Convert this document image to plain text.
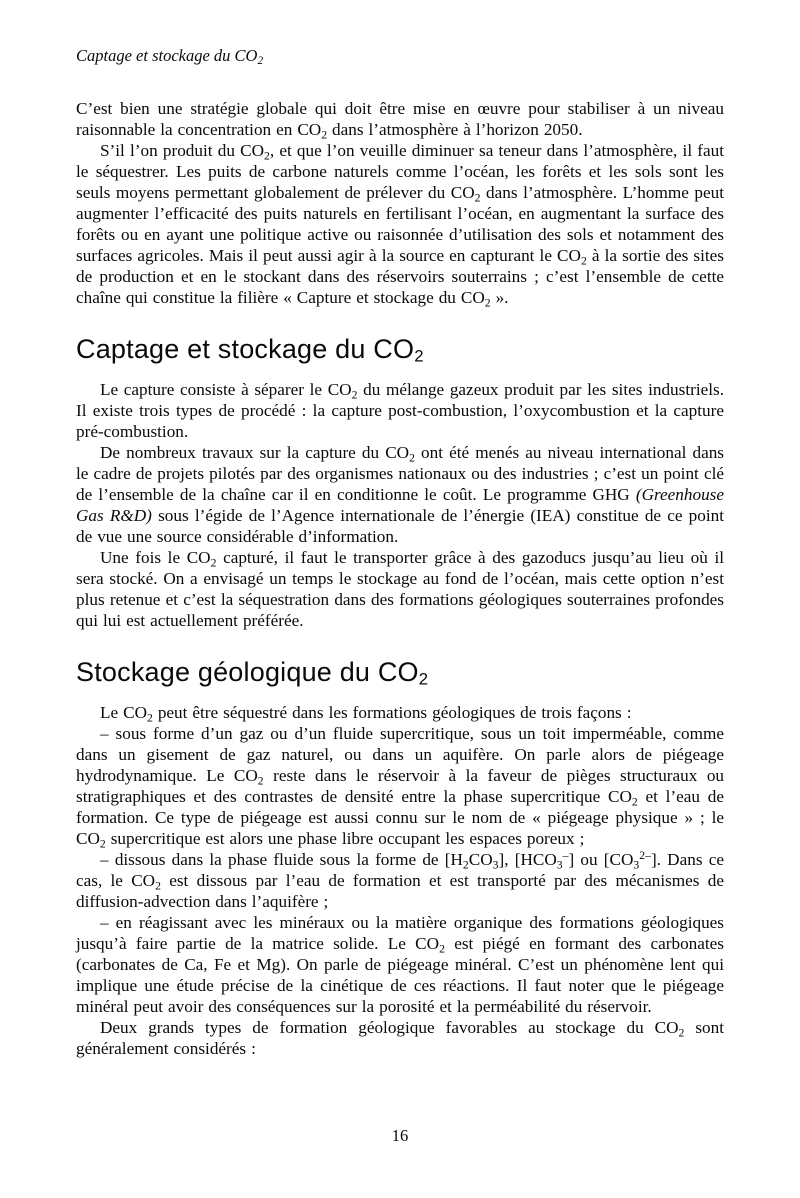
Captage et stockage du $CO_2$

C’est bien une stratégie globale qui doit être mise en œuvre pour stabiliser à un niveau raisonnable la concentration en $CO_2$ dans l’atmosphère à l’horizon 2050.

S’il l’on produit du $CO_2$, et que l’on veuille diminuer sa teneur dans l’atmosphère, il faut le séquestrer. Les puits de carbone naturels comme l’océan, les forêts et les sols sont les seuls moyens permettant globalement de prélever du $CO_2$ dans l’atmosphère. L’homme peut augmenter l’efficacité des puits naturels en fertilisant l’océan, en augmentant la surface des forêts ou en ayant une politique active ou raisonnée d’utilisation des sols et notamment des surfaces agricoles. Mais il peut aussi agir à la source en capturant le $CO_2$ à la sortie des sites de production et en le stockant dans des réservoirs souterrains ; c’est l’ensemble de cette chaîne qui constitue la filière « Capture et stockage du $CO_2$ ».

Captage et stockage du $CO_2$

Le capture consiste à séparer le $CO_2$ du mélange gazeux produit par les sites industriels. Il existe trois types de procédé : la capture post-combustion, l’oxycombustion et la capture pré-combustion.

De nombreux travaux sur la capture du $CO_2$ ont été menés au niveau international dans le cadre de projets pilotés par des organismes nationaux ou des industries ; c’est un point clé de l’ensemble de la chaîne car il en conditionne le coût. Le programme GHG (Greenhouse Gas R&D) sous l’égide de l’Agence internationale de l’énergie (IEA) constitue de ce point de vue une source considérable d’information.

Une fois le $CO_2$ capturé, il faut le transporter grâce à des gazoducs jusqu’au lieu où il sera stocké. On a envisagé un temps le stockage au fond de l’océan, mais cette option n’est plus retenue et c’est la séquestration dans des formations géologiques souterraines profondes qui lui est actuellement préférée.

Stockage géologique du $CO_2$

Le $CO_2$ peut être séquestré dans les formations géologiques de trois façons :

– sous forme d’un gaz ou d’un fluide supercritique, sous un toit imperméable, comme dans un gisement de gaz naturel, ou dans un aquifère. On parle alors de piégeage hydrodynamique. Le $CO_2$ reste dans le réservoir à la faveur de pièges structuraux ou stratigraphiques et des contrastes de densité entre la phase supercritique $CO_2$ et l’eau de formation. Ce type de piégeage est aussi connu sur le nom de « piégeage physique » ; le $CO_2$ supercritique est alors une phase libre occupant les espaces poreux ;

– dissous dans la phase fluide sous la forme de $[H_2CO_3]$, $[HCO_3^-]$ ou $[CO_3^{2-}]$. Dans ce cas, le $CO_2$ est dissous par l’eau de formation et est transporté par des mécanismes de diffusion-advection dans l’aquifère ;

– en réagissant avec les minéraux ou la matière organique des formations géologiques jusqu’à faire partie de la matrice solide. Le $CO_2$ est piégé en formant des carbonates (carbonates de Ca, Fe et Mg). On parle de piégeage minéral. C’est un phénomène lent qui implique une étude précise de la cinétique de ces réactions. Il faut noter que le piégeage minéral peut avoir des conséquences sur la porosité et la perméabilité du réservoir.

Deux grands types de formation géologique favorables au stockage du $CO_2$ sont généralement considérés :

16
